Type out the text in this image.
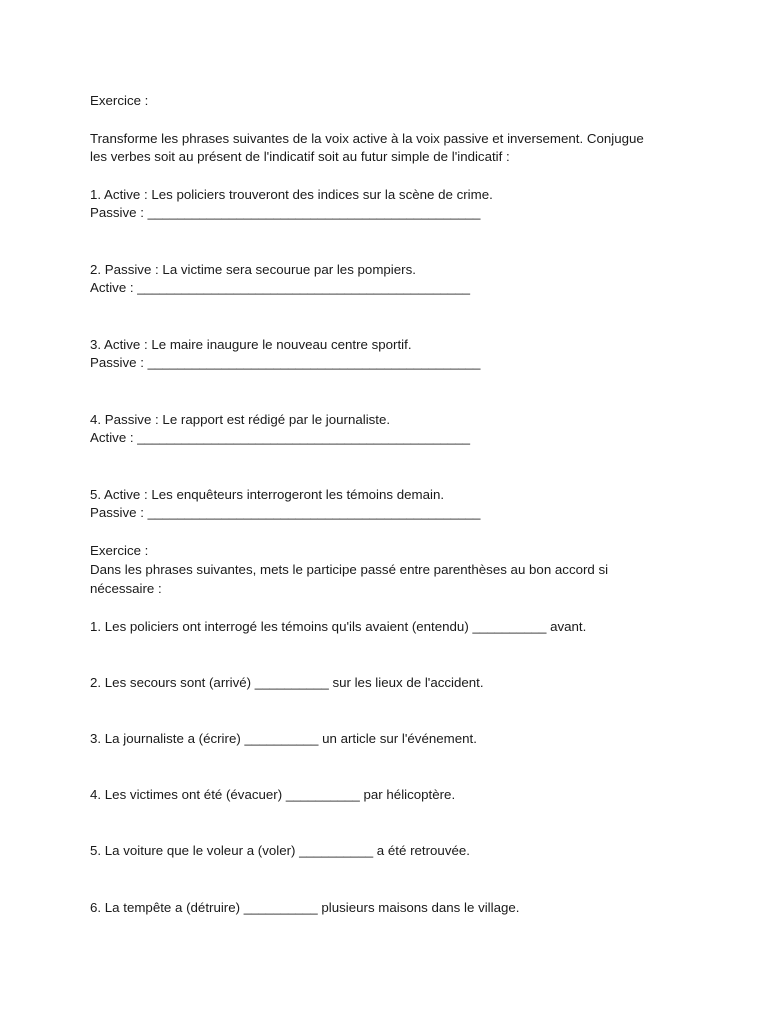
Exercice :
Transforme les phrases suivantes de la voix active à la voix passive et inversement. Conjugue
les verbes soit au présent de l'indicatif soit au futur simple de l'indicatif :
1. Active : Les policiers trouveront des indices sur la scène de crime.
Passive : _____________________________________________
2. Passive : La victime sera secourue par les pompiers.
Active : _____________________________________________
3. Active : Le maire inaugure le nouveau centre sportif.
Passive : _____________________________________________
4. Passive : Le rapport est rédigé par le journaliste.
Active : _____________________________________________
5. Active : Les enquêteurs interrogeront les témoins demain.
Passive : _____________________________________________
Exercice :
Dans les phrases suivantes, mets le participe passé entre parenthèses au bon accord si
nécessaire :
1. Les policiers ont interrogé les témoins qu'ils avaient (entendu) __________ avant.
2. Les secours sont (arrivé) __________ sur les lieux de l'accident.
3. La journaliste a (écrire) __________ un article sur l'événement.
4. Les victimes ont été (évacuer) __________ par hélicoptère.
5. La voiture que le voleur a (voler) __________ a été retrouvée.
6. La tempête a (détruire) __________ plusieurs maisons dans le village.
